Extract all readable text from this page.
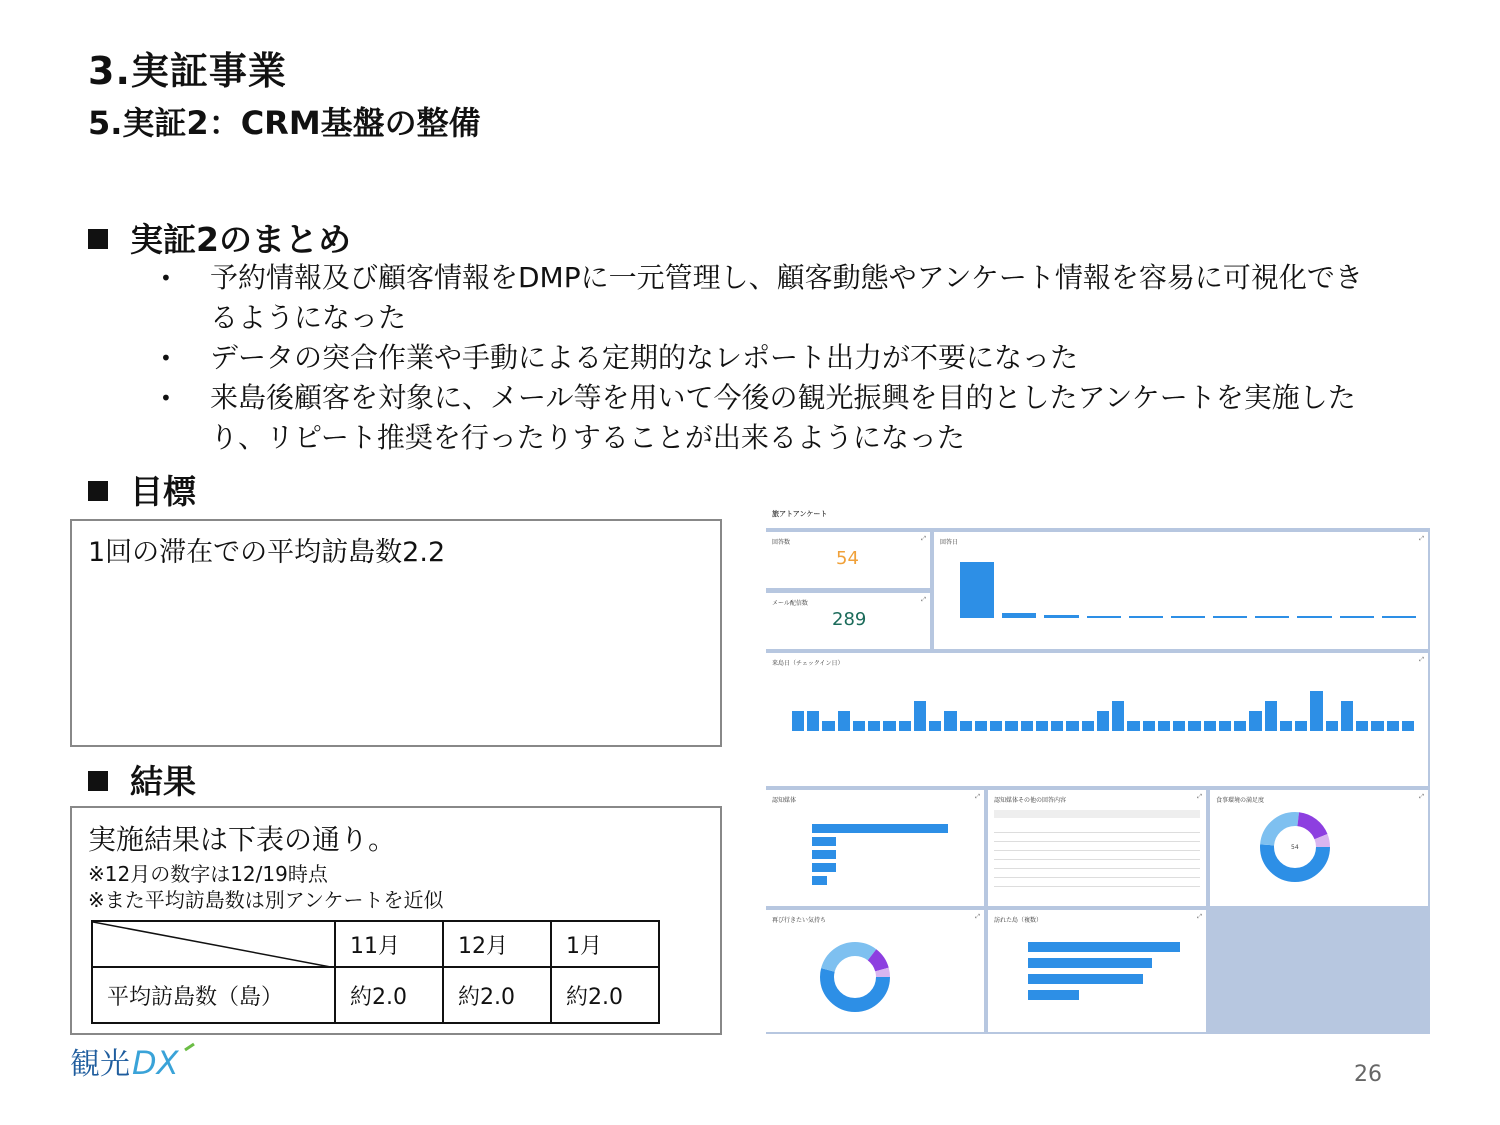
3.実証事業
5.実証2：CRM基盤の整備
実証2のまとめ
• 予約情報及び顧客情報をDMPに一元管理し、顧客動態やアンケート情報を容易に可視化できるようになった
• データの突合作業や手動による定期的なレポート出力が不要になった
• 来島後顧客を対象に、メール等を用いて今後の観光振興を目的としたアンケートを実施したり、リピート推奨を行ったりすることが出来るようになった
目標
1回の滞在での平均訪島数2.2
結果
実施結果は下表の通り。
※12月の数字は12/19時点
※また平均訪島数は別アンケートを近似
	11月	12月	1月
平均訪島数（島）	約2.0	約2.0	約2.0
旅アトアンケート
回答数
⤢
54
メール配信数
⤢
289
回答日
⤢
来島日（チェックイン日）
⤢
認知媒体
⤢
認知媒体その他の回答内容
⤢
食事環境の満足度
⤢
54
再び行きたい気持ち
⤢
訪れた島（複数）
⤢
観光 DX	26
